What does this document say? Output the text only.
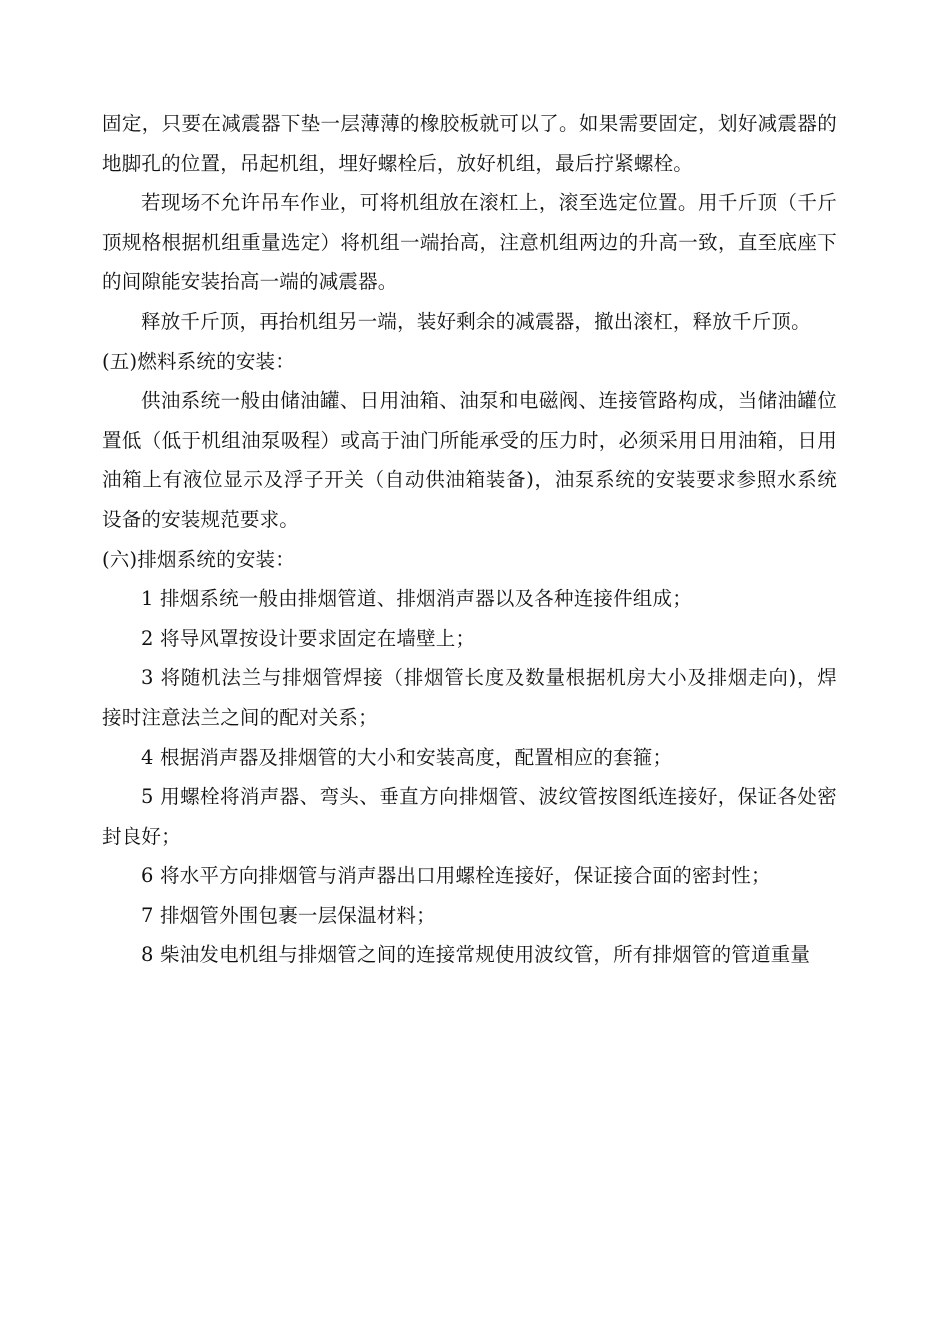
固定，只要在减震器下垫一层薄薄的橡胶板就可以了。如果需要固定，划好减震器的地脚孔的位置，吊起机组，埋好螺栓后，放好机组，最后拧紧螺栓。

若现场不允许吊车作业，可将机组放在滚杠上，滚至选定位置。用千斤顶（千斤顶规格根据机组重量选定）将机组一端抬高，注意机组两边的升高一致，直至底座下的间隙能安装抬高一端的减震器。

释放千斤顶，再抬机组另一端，装好剩余的减震器，撤出滚杠，释放千斤顶。

(五)燃料系统的安装：

供油系统一般由储油罐、日用油箱、油泵和电磁阀、连接管路构成，当储油罐位置低（低于机组油泵吸程）或高于油门所能承受的压力时，必须采用日用油箱，日用油箱上有液位显示及浮子开关（自动供油箱装备)，油泵系统的安装要求参照水系统设备的安装规范要求。

(六)排烟系统的安装：

1 排烟系统一般由排烟管道、排烟消声器以及各种连接件组成；

2 将导风罩按设计要求固定在墙壁上；

3 将随机法兰与排烟管焊接（排烟管长度及数量根据机房大小及排烟走向)，焊接时注意法兰之间的配对关系；

4 根据消声器及排烟管的大小和安装高度，配置相应的套箍；

5 用螺栓将消声器、弯头、垂直方向排烟管、波纹管按图纸连接好，保证各处密封良好；

6 将水平方向排烟管与消声器出口用螺栓连接好，保证接合面的密封性；

7 排烟管外围包裹一层保温材料；

8 柴油发电机组与排烟管之间的连接常规使用波纹管，所有排烟管的管道重量
